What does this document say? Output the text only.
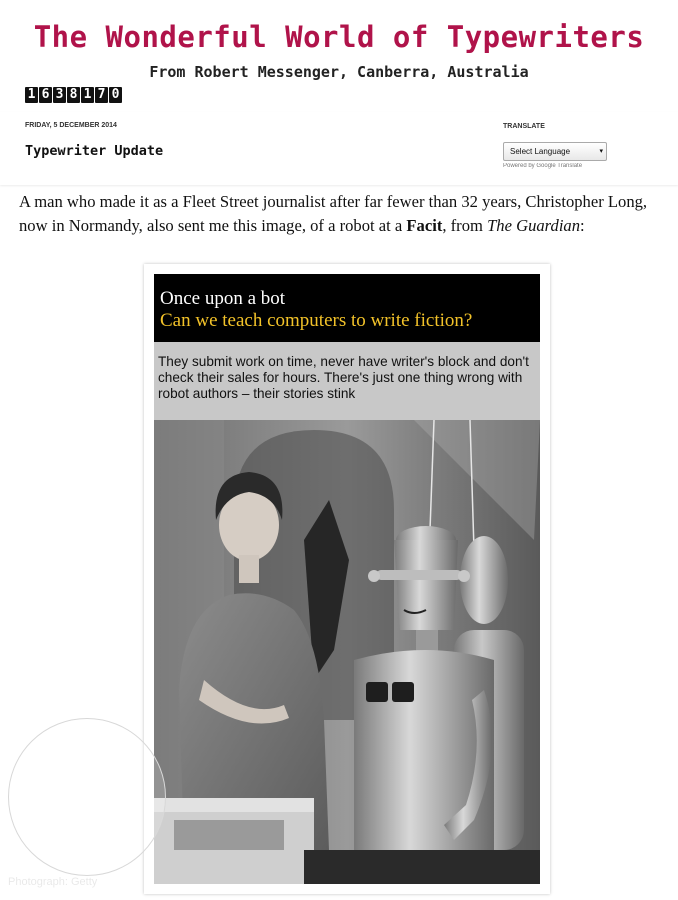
The Wonderful World of Typewriters
From Robert Messenger, Canberra, Australia
1 6 3 8 1 7 0
FRIDAY, 5 DECEMBER 2014
Typewriter Update
TRANSLATE
Select Language	▾
Powered by Google Translate

A man who made it as a Fleet Street journalist after far fewer than 32 years, Christopher Long, now in Normandy, also sent me this image, of a robot at a Facit, from The Guardian:

Once upon a bot
Can we teach computers to write fiction?
They submit work on time, never have writer's block and don't check their sales for hours. There's just one thing wrong with robot authors – their stories stink
Photograph: Getty
